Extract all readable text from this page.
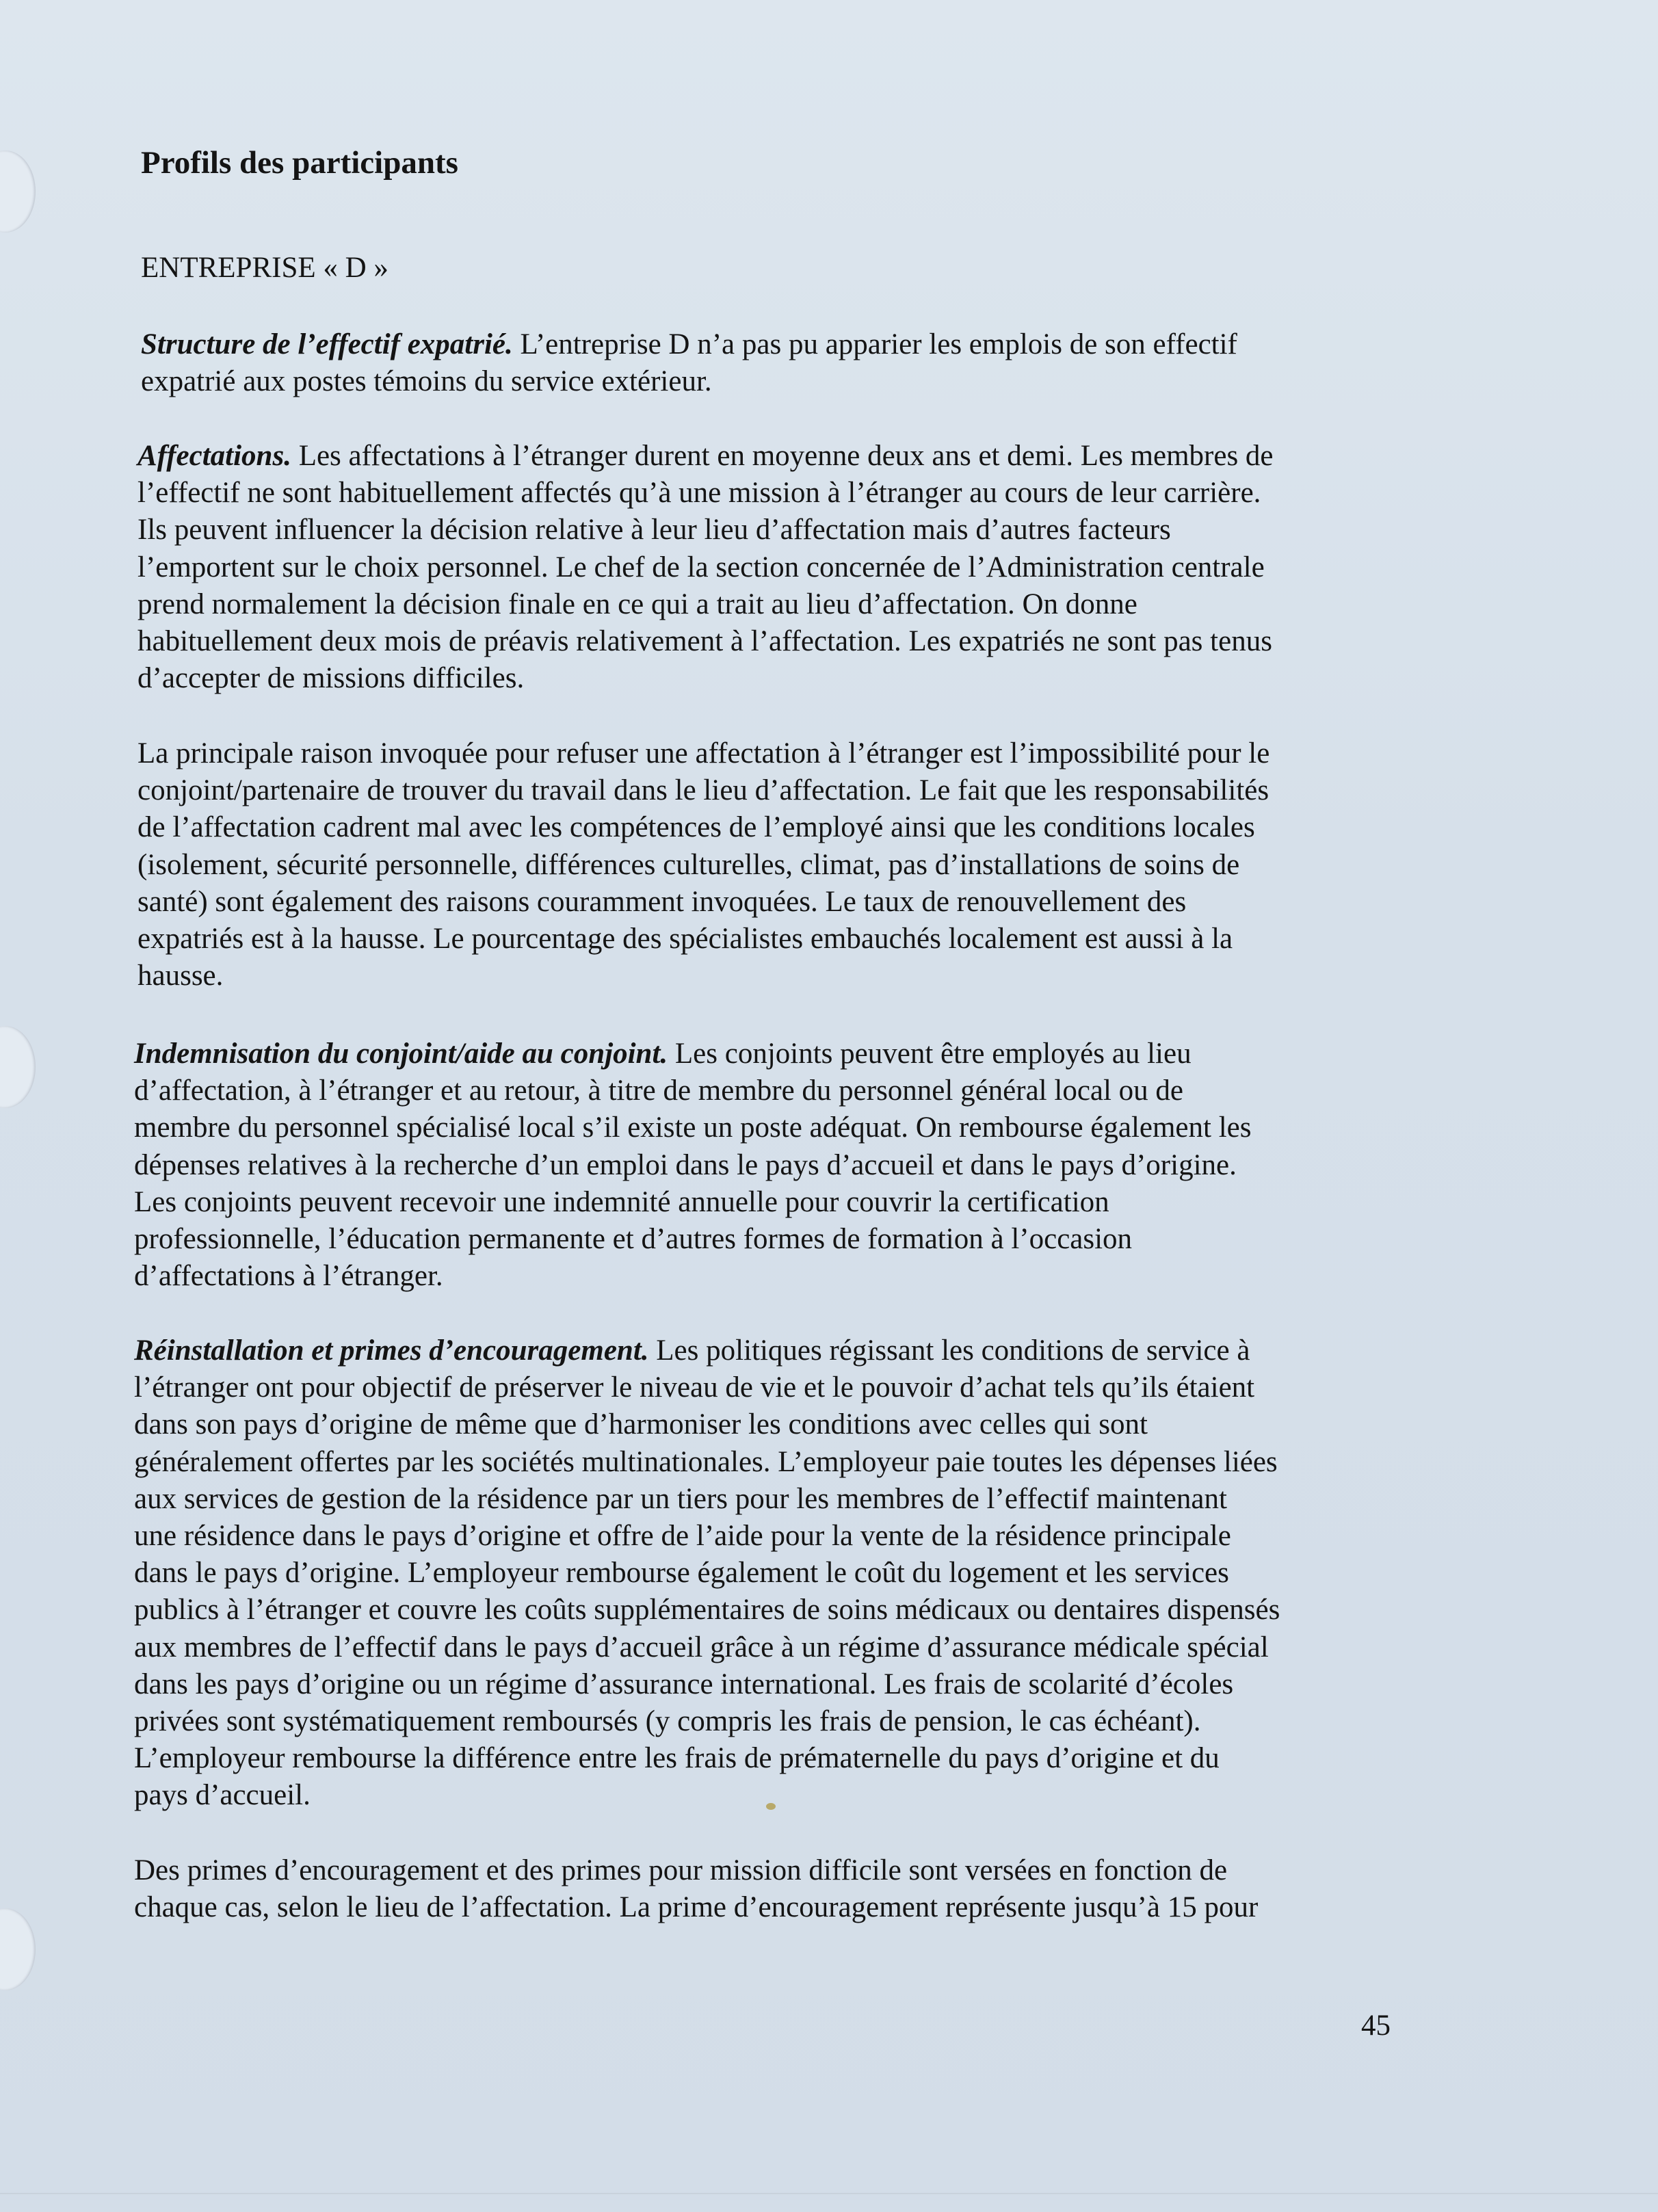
Profils des participants
ENTREPRISE « D »

Structure de l’effectif expatrié. L’entreprise D n’a pas pu apparier les emplois de son effectif
expatrié aux postes témoins du service extérieur.

Affectations. Les affectations à l’étranger durent en moyenne deux ans et demi. Les membres de
l’effectif ne sont habituellement affectés qu’à une mission à l’étranger au cours de leur carrière.
Ils peuvent influencer la décision relative à leur lieu d’affectation mais d’autres facteurs
l’emportent sur le choix personnel. Le chef de la section concernée de l’Administration centrale
prend normalement la décision finale en ce qui a trait au lieu d’affectation. On donne
habituellement deux mois de préavis relativement à l’affectation. Les expatriés ne sont pas tenus
d’accepter de missions difficiles.

La principale raison invoquée pour refuser une affectation à l’étranger est l’impossibilité pour le
conjoint/partenaire de trouver du travail dans le lieu d’affectation. Le fait que les responsabilités
de l’affectation cadrent mal avec les compétences de l’employé ainsi que les conditions locales
(isolement, sécurité personnelle, différences culturelles, climat, pas d’installations de soins de
santé) sont également des raisons couramment invoquées. Le taux de renouvellement des
expatriés est à la hausse. Le pourcentage des spécialistes embauchés localement est aussi à la
hausse.

Indemnisation du conjoint/aide au conjoint. Les conjoints peuvent être employés au lieu
d’affectation, à l’étranger et au retour, à titre de membre du personnel général local ou de
membre du personnel spécialisé local s’il existe un poste adéquat. On rembourse également les
dépenses relatives à la recherche d’un emploi dans le pays d’accueil et dans le pays d’origine.
Les conjoints peuvent recevoir une indemnité annuelle pour couvrir la certification
professionnelle, l’éducation permanente et d’autres formes de formation à l’occasion
d’affectations à l’étranger.

Réinstallation et primes d’encouragement. Les politiques régissant les conditions de service à
l’étranger ont pour objectif de préserver le niveau de vie et le pouvoir d’achat tels qu’ils étaient
dans son pays d’origine de même que d’harmoniser les conditions avec celles qui sont
généralement offertes par les sociétés multinationales. L’employeur paie toutes les dépenses liées
aux services de gestion de la résidence par un tiers pour les membres de l’effectif maintenant
une résidence dans le pays d’origine et offre de l’aide pour la vente de la résidence principale
dans le pays d’origine. L’employeur rembourse également le coût du logement et les services
publics à l’étranger et couvre les coûts supplémentaires de soins médicaux ou dentaires dispensés
aux membres de l’effectif dans le pays d’accueil grâce à un régime d’assurance médicale spécial
dans les pays d’origine ou un régime d’assurance international. Les frais de scolarité d’écoles
privées sont systématiquement remboursés (y compris les frais de pension, le cas échéant).
L’employeur rembourse la différence entre les frais de prématernelle du pays d’origine et du
pays d’accueil.

Des primes d’encouragement et des primes pour mission difficile sont versées en fonction de
chaque cas, selon le lieu de l’affectation. La prime d’encouragement représente jusqu’à 15 pour

45
